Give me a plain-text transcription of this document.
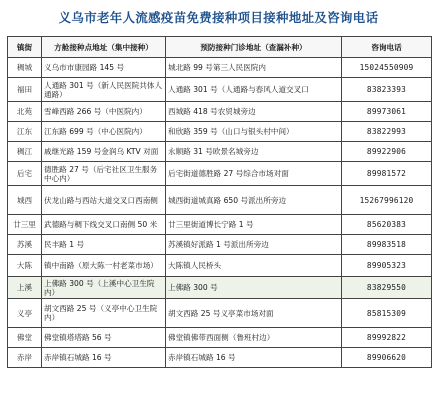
义乌市老年人流感疫苗免费接种项目接种地址及咨询电话
镇街	方舱接种点地址（集中接种）	预防接种门诊地址（查漏补种）	咨询电话
稠城	义乌市市康园路 145 号	城北路 99 号第三人民医院内	15024550909
福田	人通路 301 号（新人民医院共体人通路）	人通路 301 号（人通路与春风人道交叉口	83823393
北苑	雪峰西路 266 号（中医院内）	西城路 418 号农贸城旁边	89973061
江东	江东路 699 号（中心医院内）	和欣路 359 号（山口与银头村中间）	83822993
稠江	戚继光路 159 号金润乌 KTV 对面	永顺路 31 号欧景名城旁边	89922906
后宅	德胜路 27 号（后宅社区卫生服务中心内）	后宅街道德胜路 27 号综合市场对面	89981572
城西	伏龙山路与西站大道交叉口西南侧	城西街道城真路 650 号派出所旁边	15267996120
廿三里	武德路与稠下线交叉口南侧 50 米	廿三里街道博长宁路 1 号	85620383
苏溪	民丰路 1 号	苏溪镇好派路 1 号派出所旁边	89983518
大陈	镇中南路（原大陈一村老菜市场）	大陈镇人民桥头	89905323
上溪	上佛路 300 号（上溪中心卫生院内）	上佛路 300 号	83829550
义亭	胡文西路 25 号（义亭中心卫生院内）	胡文西路 25 号义亭菜市场对面	85815309
佛堂	佛堂镇塔塔路 56 号	佛堂镇佛带西面侧（鲁班村边）	89992822
赤岸	赤岸镇石城路 16 号	赤岸镇石城路 16 号	89906620
